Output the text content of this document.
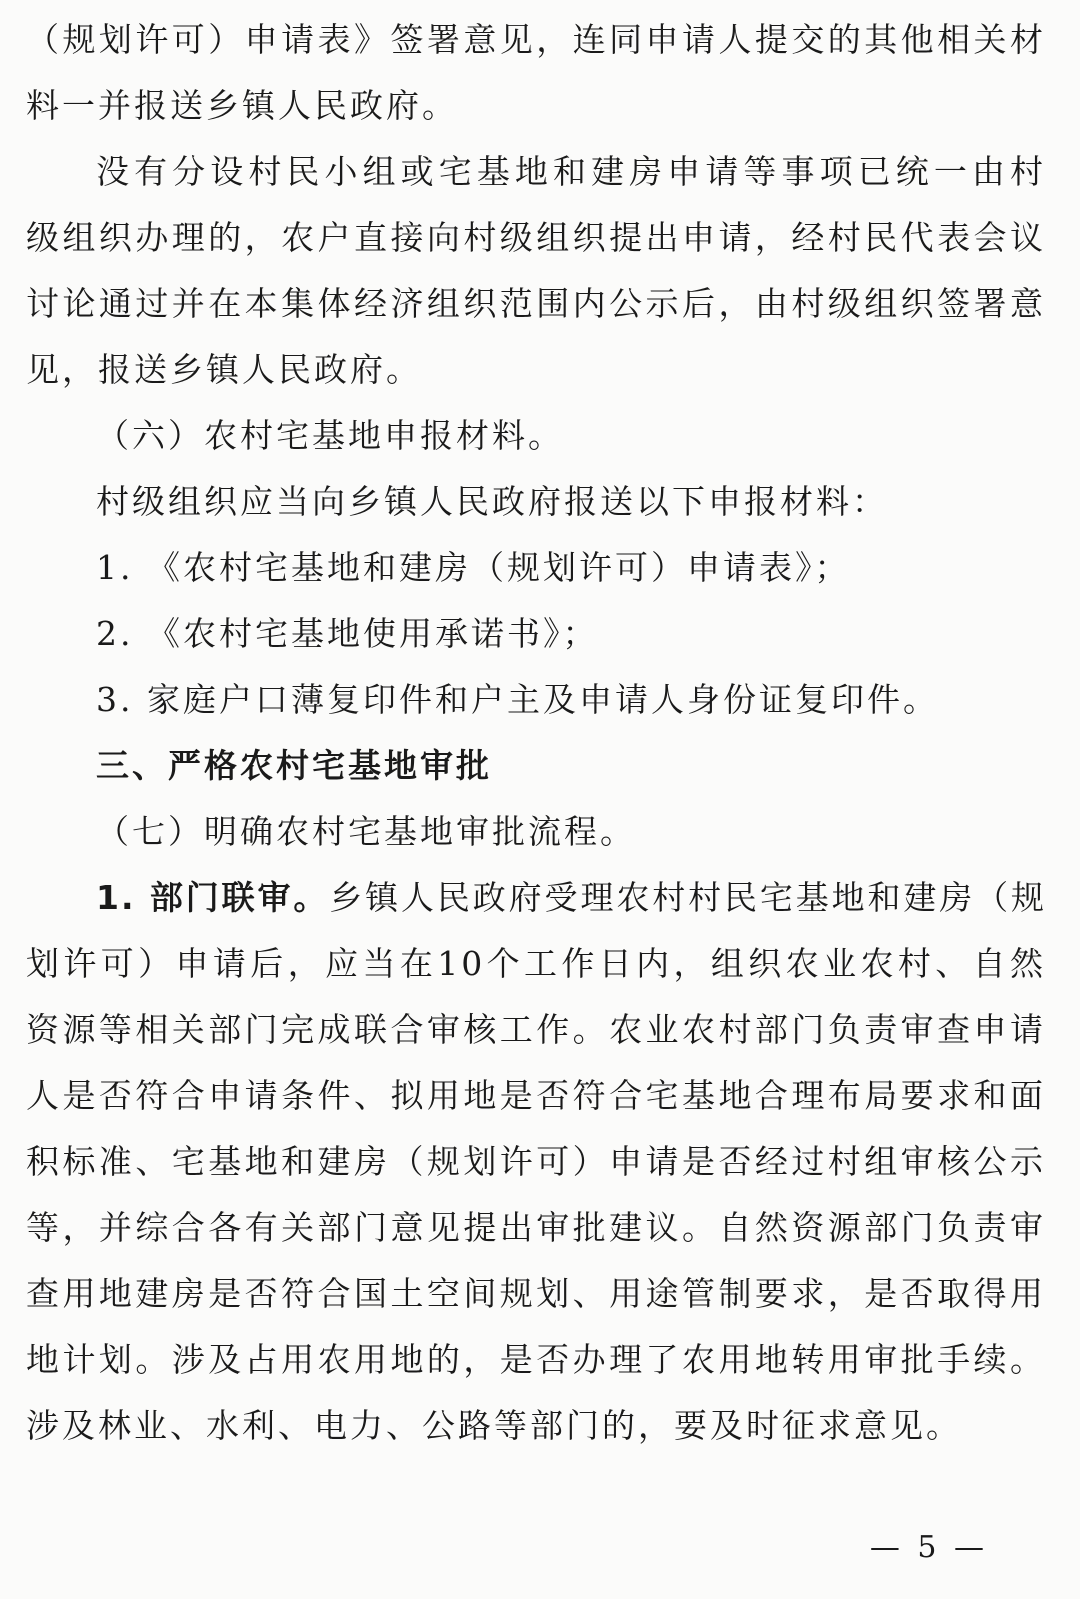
（规划许可）申请表》签署意见，连同申请人提交的其他相关材
料一并报送乡镇人民政府。
没有分设村民小组或宅基地和建房申请等事项已统一由村
级组织办理的，农户直接向村级组织提出申请，经村民代表会议
讨论通过并在本集体经济组织范围内公示后，由村级组织签署意
见，报送乡镇人民政府。
（六）农村宅基地申报材料。
村级组织应当向乡镇人民政府报送以下申报材料：
1. 《农村宅基地和建房（规划许可）申请表》；
2. 《农村宅基地使用承诺书》；
3. 家庭户口薄复印件和户主及申请人身份证复印件。
三、严格农村宅基地审批
（七）明确农村宅基地审批流程。
1. 部门联审。乡镇人民政府受理农村村民宅基地和建房（规
划许可）申请后，应当在10个工作日内，组织农业农村、自然
资源等相关部门完成联合审核工作。农业农村部门负责审查申请
人是否符合申请条件、拟用地是否符合宅基地合理布局要求和面
积标准、宅基地和建房（规划许可）申请是否经过村组审核公示
等，并综合各有关部门意见提出审批建议。自然资源部门负责审
查用地建房是否符合国土空间规划、用途管制要求，是否取得用
地计划。涉及占用农用地的，是否办理了农用地转用审批手续。
涉及林业、水利、电力、公路等部门的，要及时征求意见。
— 5 —
